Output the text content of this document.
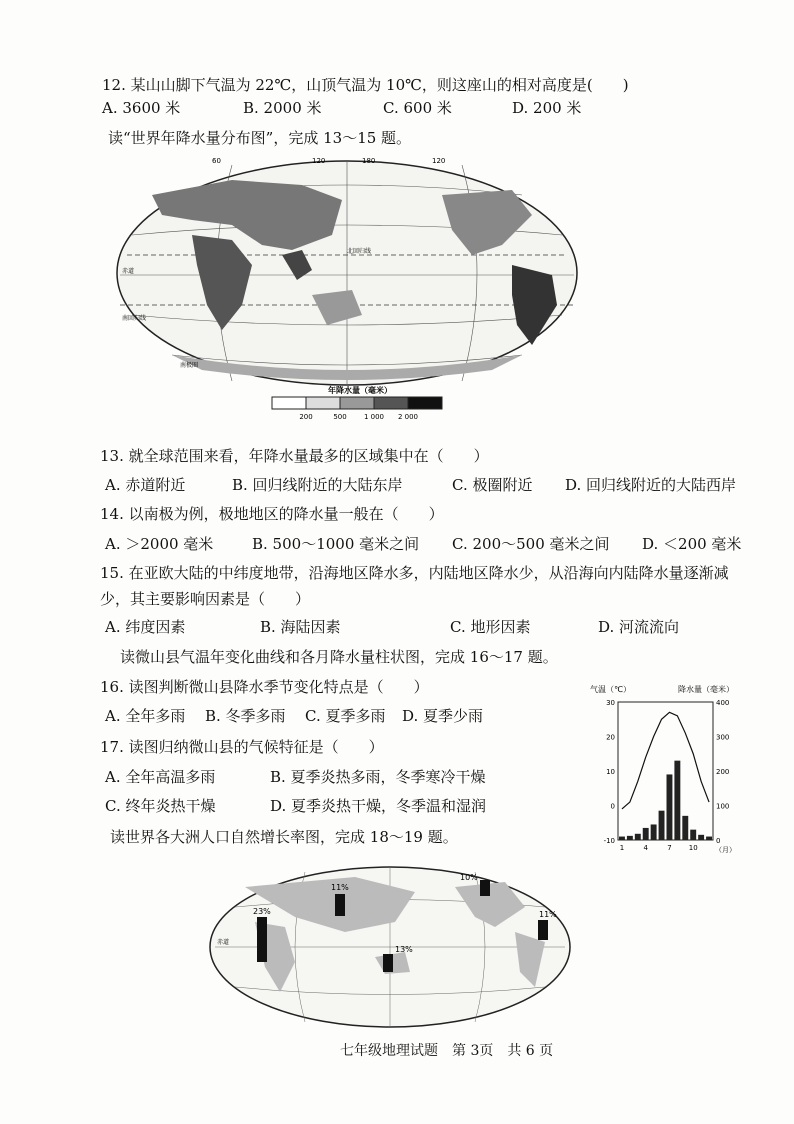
12. 某山山脚下气温为 22℃，山顶气温为 10℃，则这座山的相对高度是(　　)
A. 3600 米	B. 2000 米	C. 600 米	D. 200 米
读“世界年降水量分布图”，完成 13～15 题。
60	120	180	120
赤道
南回归线
北回归线
南极圈
年降水量（毫米）
200	500 1 000 2 000
13. 就全球范围来看，年降水量最多的区域集中在（　　）
A. 赤道附近	B. 回归线附近的大陆东岸	C. 极圈附近 D. 回归线附近的大陆西岸
14. 以南极为例，极地地区的降水量一般在（　　）
A. ＞2000 毫米	B. 500～1000 毫米之间 C. 200～500 毫米之间 D. ＜200 毫米
15. 在亚欧大陆的中纬度地带，沿海地区降水多，内陆地区降水少，从沿海向内陆降水量逐渐减
少，其主要影响因素是（　　）
A. 纬度因素	B. 海陆因素	C. 地形因素	D. 河流流向
读微山县气温年变化曲线和各月降水量柱状图，完成 16～17 题。
16. 读图判断微山县降水季节变化特点是（　　）
A. 全年多雨 B. 冬季多雨 C. 夏季多雨 D. 夏季少雨
17. 读图归纳微山县的气候特征是（　　）
A. 全年高温多雨	B. 夏季炎热多雨，冬季寒冷干燥
C. 终年炎热干燥	D. 夏季炎热干燥，冬季温和湿润
读世界各大洲人口自然增长率图，完成 18～19 题。
气温（℃）	降水量（毫米）
30
20
10
0
-10
400
300
200
100
0
1	4	7 10 （月）
23%
11%
10%
11%
13%
赤道
七年级地理试题　第 3页　共 6 页
